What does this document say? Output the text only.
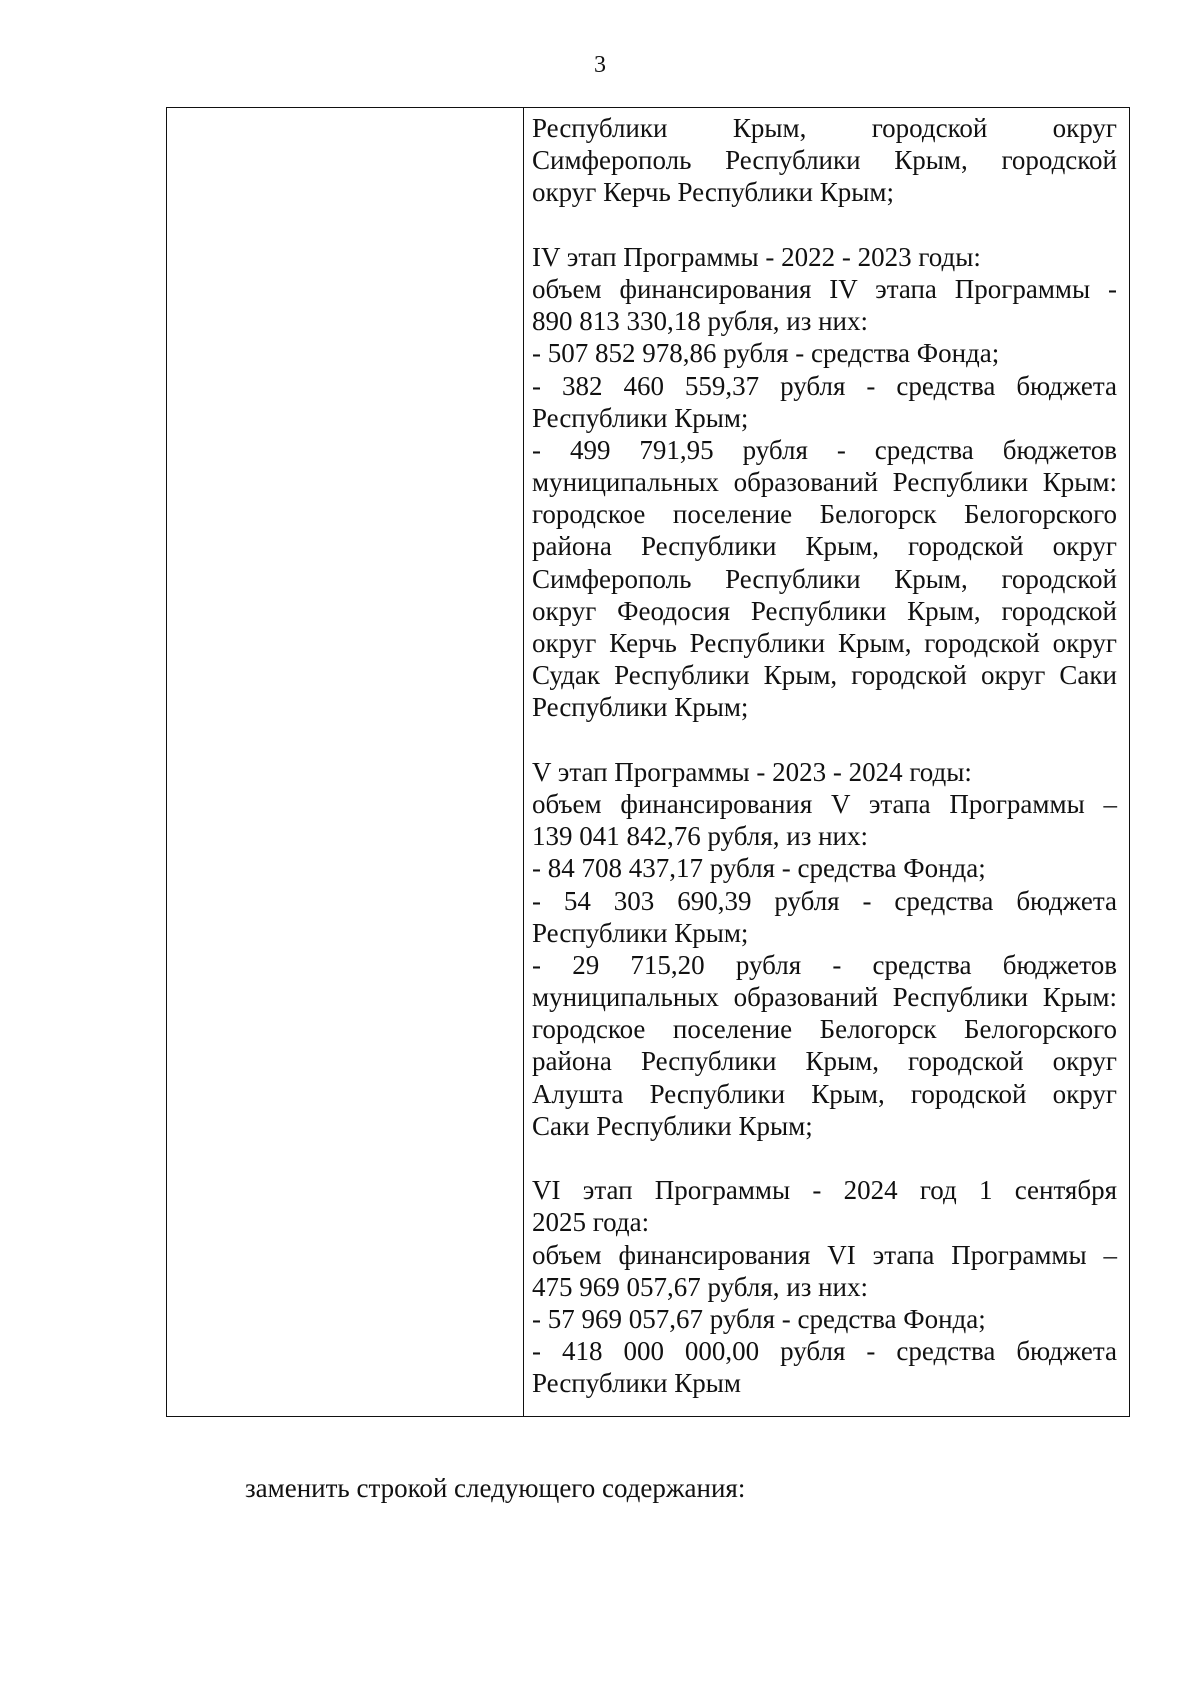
3
Республики Крым, городской округ
Симферополь Республики Крым, городской
округ Керчь Республики Крым;
IV этап Программы - 2022 - 2023 годы:
объем финансирования IV этапа Программы -
890 813 330,18 рубля, из них:
- 507 852 978,86 рубля - средства Фонда;
- 382 460 559,37 рубля - средства бюджета
Республики Крым;
- 499 791,95 рубля - средства бюджетов
муниципальных образований Республики Крым:
городское поселение Белогорск Белогорского
района Республики Крым, городской округ
Симферополь Республики Крым, городской
округ Феодосия Республики Крым, городской
округ Керчь Республики Крым, городской округ
Судак Республики Крым, городской округ Саки
Республики Крым;
V этап Программы - 2023 - 2024 годы:
объем финансирования V этапа Программы –
139 041 842,76 рубля, из них:
- 84 708 437,17 рубля - средства Фонда;
- 54 303 690,39 рубля - средства бюджета
Республики Крым;
- 29 715,20 рубля - средства бюджетов
муниципальных образований Республики Крым:
городское поселение Белогорск Белогорского
района Республики Крым, городской округ
Алушта Республики Крым, городской округ
Саки Республики Крым;
VI этап Программы - 2024 год 1 сентября
2025 года:
объем финансирования VI этапа Программы –
475 969 057,67 рубля, из них:
- 57 969 057,67 рубля - средства Фонда;
- 418 000 000,00 рубля - средства бюджета
Республики Крым
заменить строкой следующего содержания:
